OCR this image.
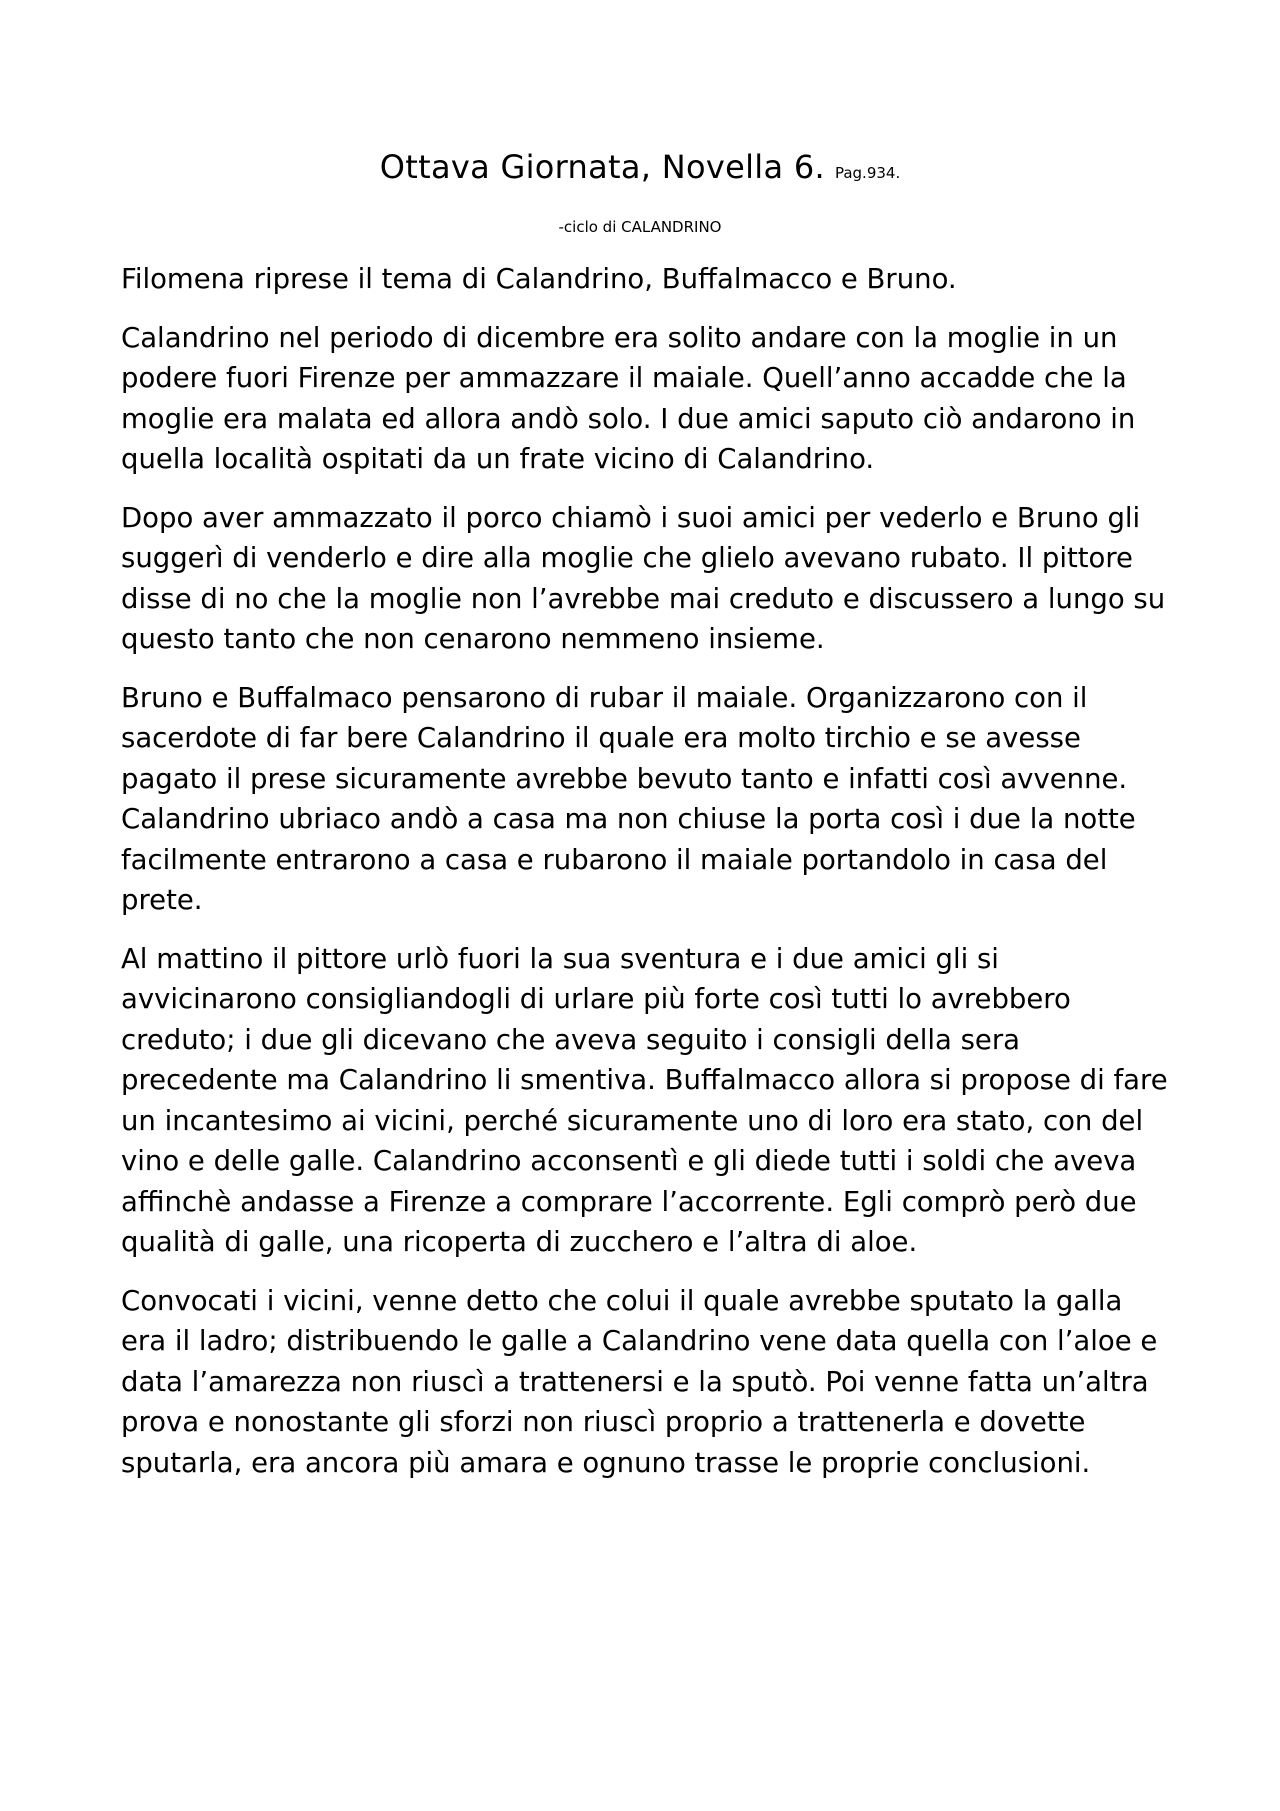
Ottava Giornata, Novella 6. Pag.934.
-ciclo di CALANDRINO

Filomena riprese il tema di Calandrino, Buffalmacco e Bruno.

Calandrino nel periodo di dicembre era solito andare con la moglie in un podere fuori Firenze per ammazzare il maiale. Quell’anno accadde che la moglie era malata ed allora andò solo. I due amici saputo ciò andarono in quella località ospitati da un frate vicino di Calandrino.

Dopo aver ammazzato il porco chiamò i suoi amici per vederlo e Bruno gli suggerì di venderlo e dire alla moglie che glielo avevano rubato. Il pittore disse di no che la moglie non l’avrebbe mai creduto e discussero a lungo su questo tanto che non cenarono nemmeno insieme.

Bruno e Buffalmaco pensarono di rubar il maiale. Organizzarono con il sacerdote di far bere Calandrino il quale era molto tirchio e se avesse pagato il prese sicuramente avrebbe bevuto tanto e infatti così avvenne. Calandrino ubriaco andò a casa ma non chiuse la porta così i due la notte facilmente entrarono a casa e rubarono il maiale portandolo in casa del prete.

Al mattino il pittore urlò fuori la sua sventura e i due amici gli si avvicinarono consigliandogli di urlare più forte così tutti lo avrebbero creduto; i due gli dicevano che aveva seguito i consigli della sera precedente ma Calandrino li smentiva. Buffalmacco allora si propose di fare un incantesimo ai vicini, perché sicuramente uno di loro era stato, con del vino e delle galle. Calandrino acconsentì e gli diede tutti i soldi che aveva affinchè andasse a Firenze a comprare l’accorrente. Egli comprò però due qualità di galle, una ricoperta di zucchero e l’altra di aloe.

Convocati i vicini, venne detto che colui il quale avrebbe sputato la galla era il ladro; distribuendo le galle a Calandrino vene data quella con l’aloe e data l’amarezza non riuscì a trattenersi e la sputò. Poi venne fatta un’altra prova e nonostante gli sforzi non riuscì proprio a trattenerla e dovette sputarla, era ancora più amara e ognuno trasse le proprie conclusioni.
